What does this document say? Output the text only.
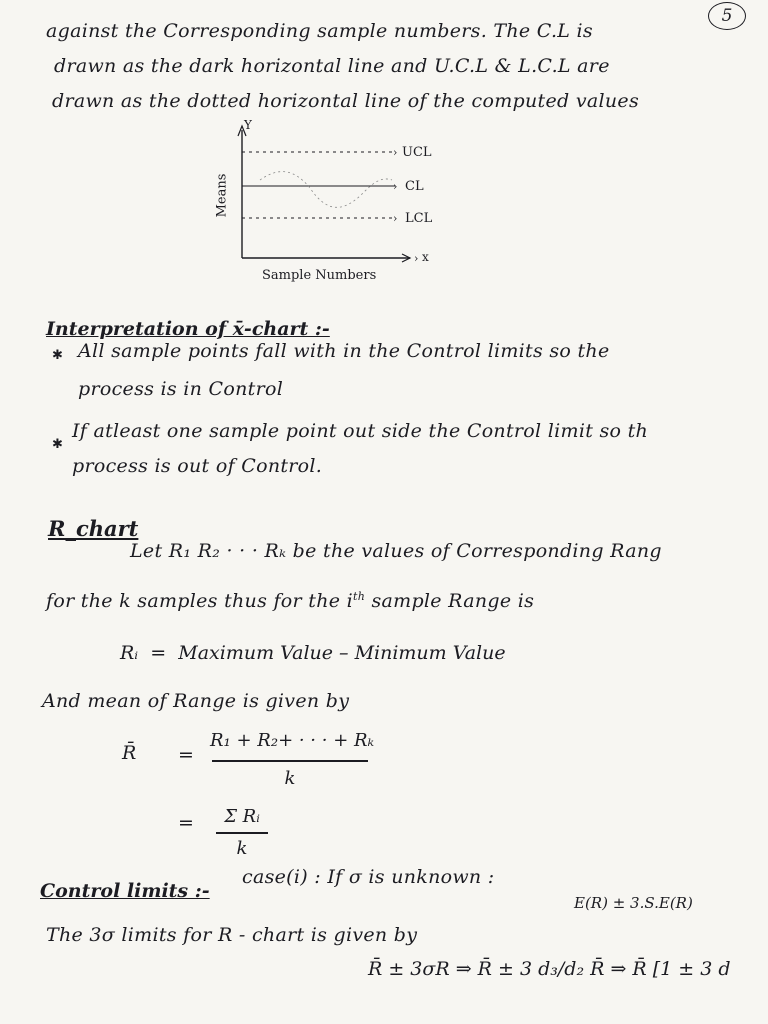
5
against the Corresponding sample numbers. The C.L is
drawn as the dark horizontal line and U.C.L & L.C.L are
drawn as the dotted horizontal line of the computed values
›
›
›
›
Y
x
UCL
CL
LCL
Means
Sample Numbers
Interpretation of x̄-chart :-
✱ All sample points fall with in the Control limits so the
process is in Control
✱
If atleast one sample point out side the Control limit so th
process is out of Control.
R_chart
Let R₁ R₂ · · · Rₖ be the values of Corresponding Rang
for the k samples thus for the $i^{th}$ sample Range is
Rᵢ = Maximum Value – Minimum Value
And mean of Range is given by
R̄ =
R₁ + R₂+ · · · + Rₖ
k
=	Σ Rᵢ
k
Control limits :-
case(i) : If σ is unknown :
The 3σ limits for R - chart is given by
E(R) ± 3.S.E(R)
R̄ ± 3σR ⇒ R̄ ± 3 d₃/d₂ R̄ ⇒ R̄ [1 ± 3 d
